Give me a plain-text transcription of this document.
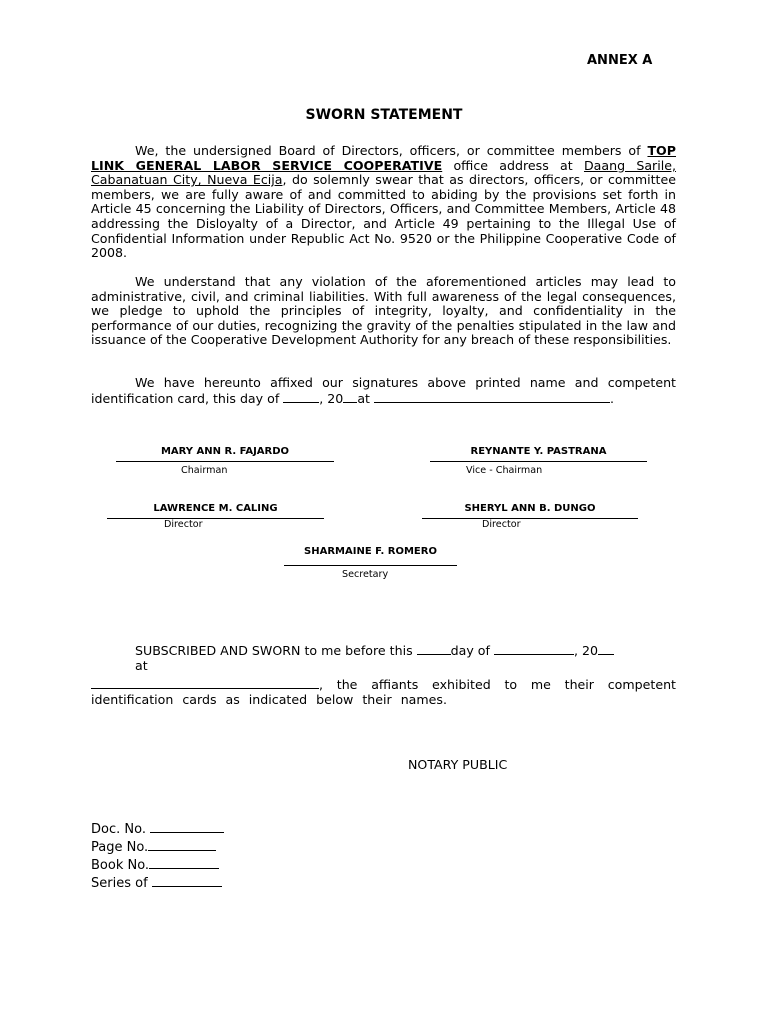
ANNEX A
SWORN STATEMENT

We, the undersigned Board of Directors, officers, or committee members of TOP LINK GENERAL LABOR SERVICE COOPERATIVE office address at Daang Sarile, Cabanatuan City, Nueva Ecija, do solemnly swear that as directors, officers, or committee members, we are fully aware of and committed to abiding by the provisions set forth in Article 45 concerning the Liability of Directors, Officers, and Committee Members, Article 48 addressing the Disloyalty of a Director, and Article 49 pertaining to the Illegal Use of Confidential Information under Republic Act No. 9520 or the Philippine Cooperative Code of 2008.

We understand that any violation of the aforementioned articles may lead to administrative, civil, and criminal liabilities. With full awareness of the legal consequences, we pledge to uphold the principles of integrity, loyalty, and confidentiality in the performance of our duties, recognizing the gravity of the penalties stipulated in the law and issuance of the Cooperative Development Authority for any breach of these responsibilities.

We have hereunto affixed our signatures above printed name and competent identification card, this day of	, 20 at	.

MARY ANN R. FAJARDO
Chairman
REYNANTE Y. PASTRANA
Vice - Chairman
LAWRENCE M. CALING
Director
SHERYL ANN B. DUNGO
Director
SHARMAINE F. ROMERO
Secretary

SUBSCRIBED AND SWORN to me before this	day of	, 20
at

, the affiants exhibited to me their competent identification cards as indicated below their names.

NOTARY PUBLIC
Doc. No.
Page No.
Book No.
Series of
